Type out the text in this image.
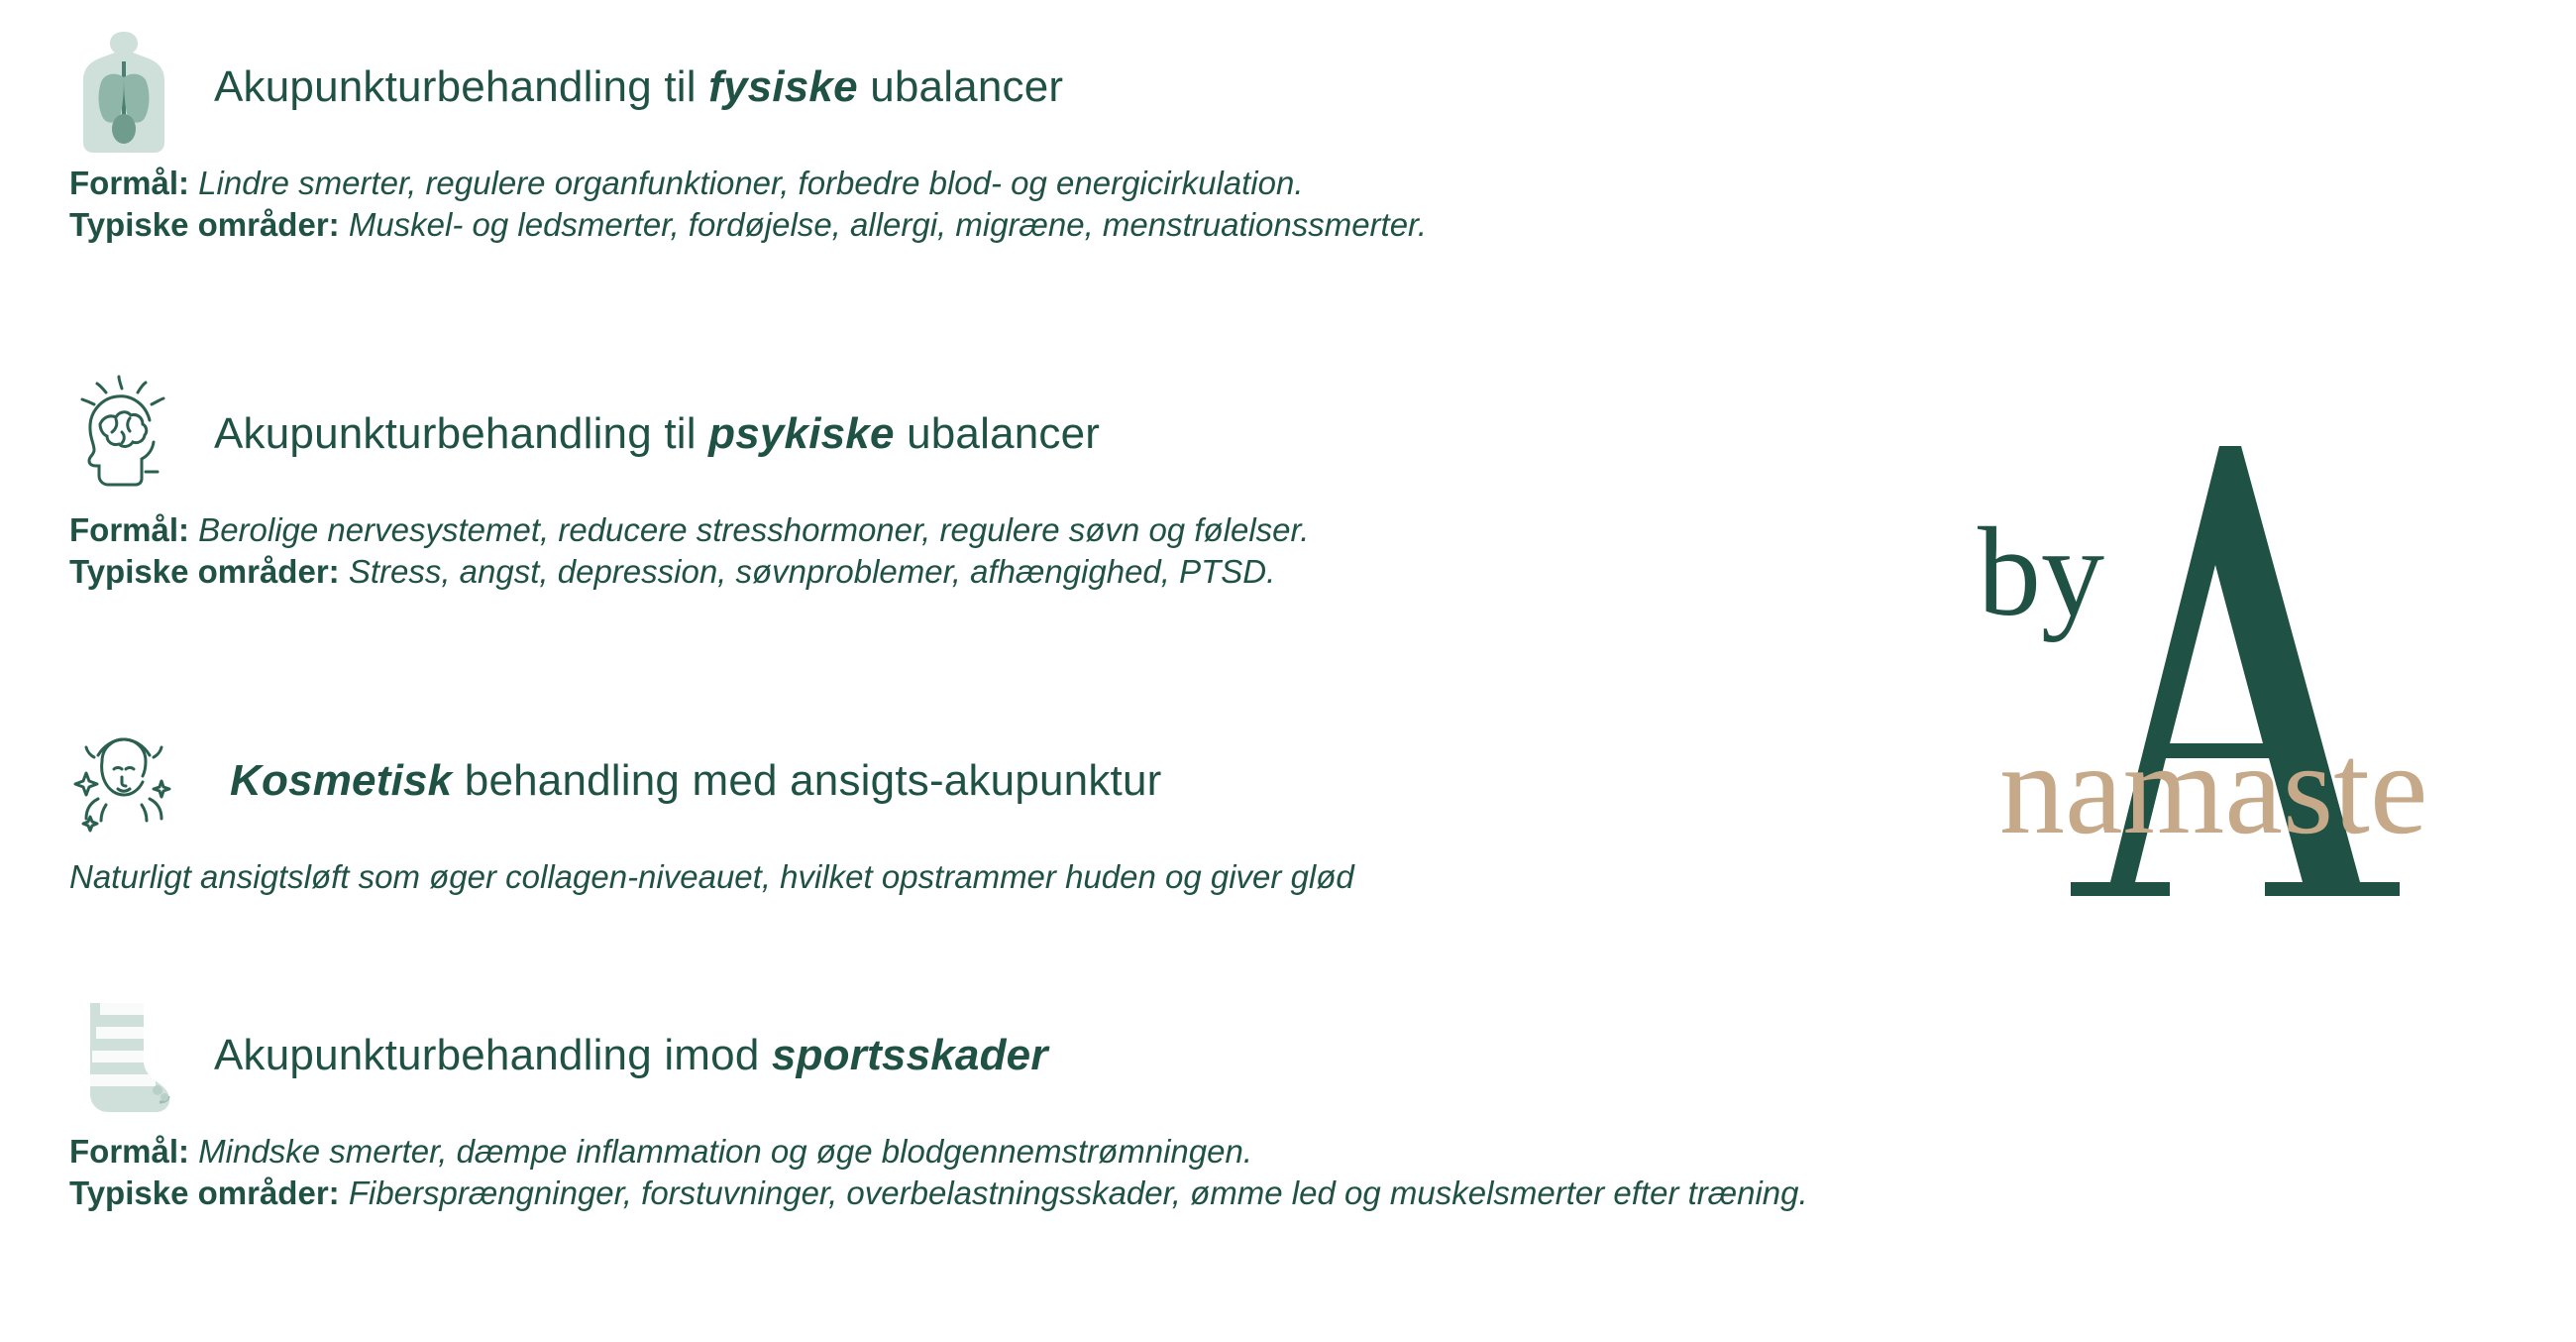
Akupunkturbehandling til fysiske ubalancer
Formål: Lindre smerter, regulere organfunktioner, forbedre blod- og energicirkulation.
Typiske områder: Muskel- og ledsmerter, fordøjelse, allergi, migræne, menstruationssmerter.
Akupunkturbehandling til psykiske ubalancer
Formål: Berolige nervesystemet, reducere stresshormoner, regulere søvn og følelser.
Typiske områder: Stress, angst, depression, søvnproblemer, afhængighed, PTSD.
Kosmetisk behandling med ansigts-akupunktur
Naturligt ansigtsløft som øger collagen-niveauet, hvilket opstrammer huden og giver glød
Akupunkturbehandling imod sportsskader
Formål: Mindske smerter, dæmpe inflammation og øge blodgennemstrømningen.
Typiske områder: Fibersprængninger, forstuvninger, overbelastningsskader, ømme led og muskelsmerter efter træning.
by
namaste
